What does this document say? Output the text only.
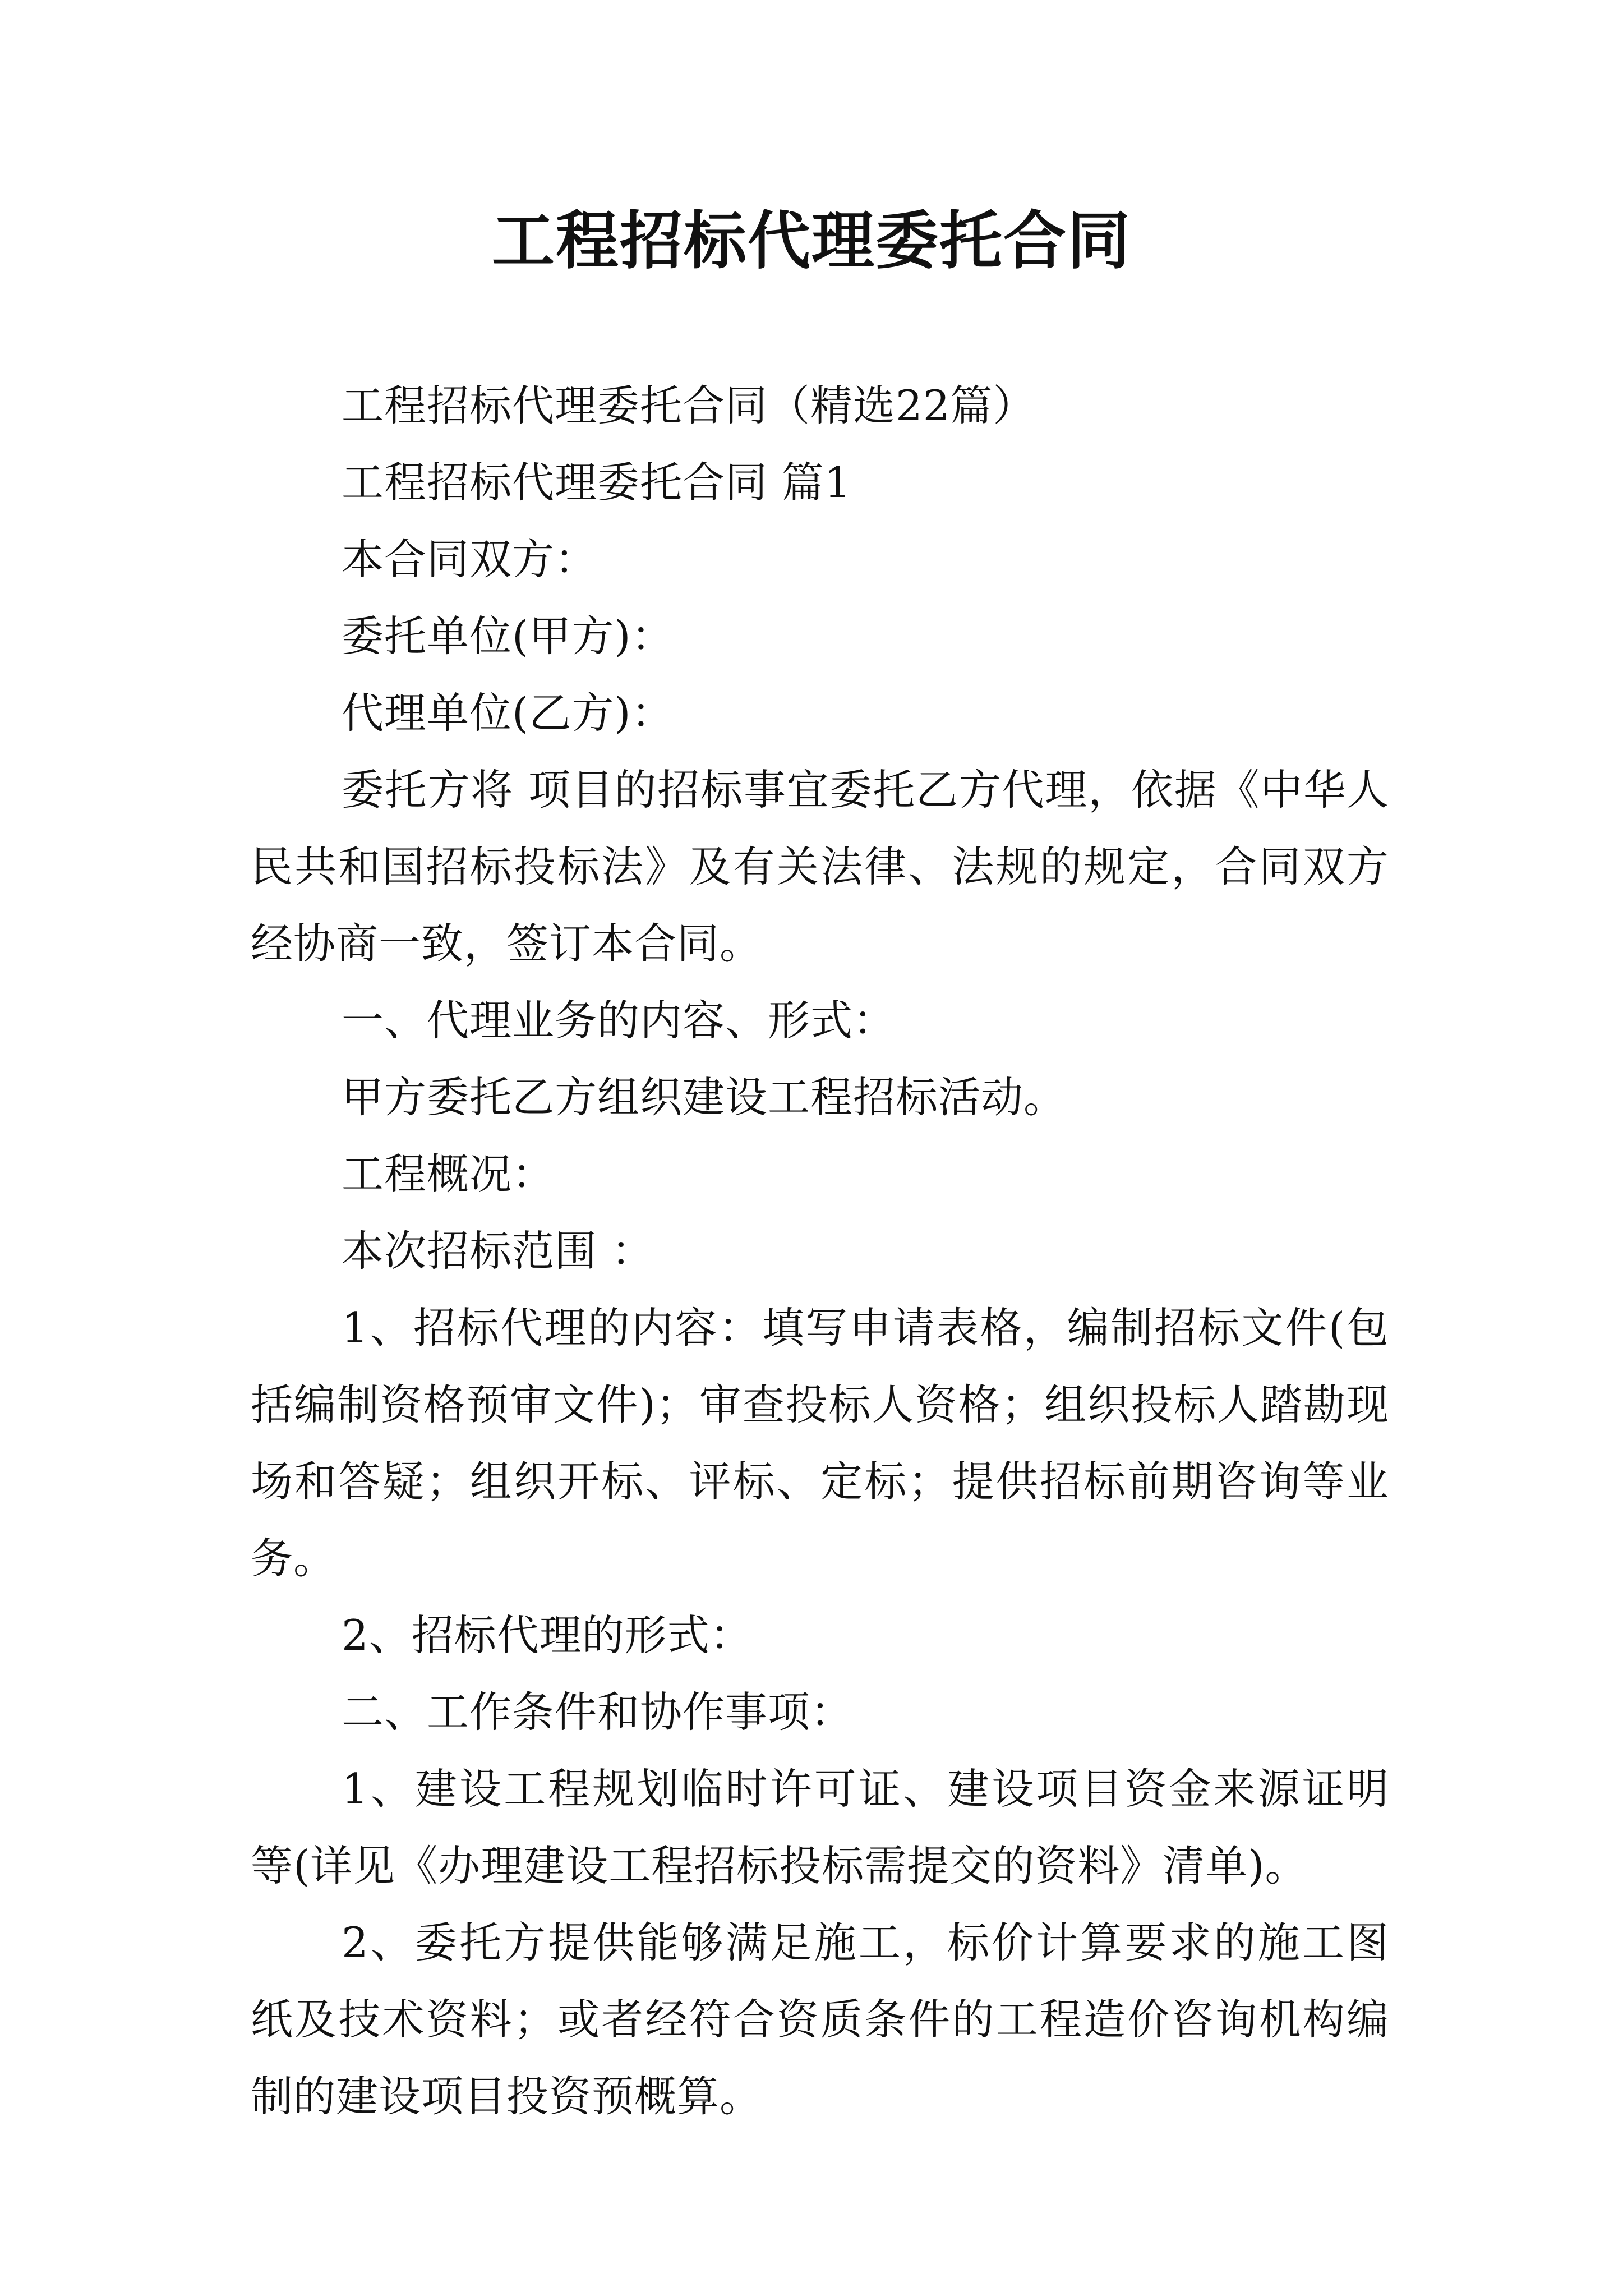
工程招标代理委托合同

工程招标代理委托合同（精选22篇）

工程招标代理委托合同 篇1

本合同双方：

委托单位(甲方)：

代理单位(乙方)：

委托方将 项目的招标事宜委托乙方代理，依据《中华人民共和国招标投标法》及有关法律、法规的规定，合同双方经协商一致，签订本合同。

一、代理业务的内容、形式：

甲方委托乙方组织建设工程招标活动。

工程概况：

本次招标范围 ：

1、招标代理的内容：填写申请表格，编制招标文件(包括编制资格预审文件)；审查投标人资格；组织投标人踏勘现场和答疑；组织开标、评标、定标；提供招标前期咨询等业务。

2、招标代理的形式：

二、工作条件和协作事项：

1、建设工程规划临时许可证、建设项目资金来源证明等(详见《办理建设工程招标投标需提交的资料》清单)。

2、委托方提供能够满足施工，标价计算要求的施工图纸及技术资料；或者经符合资质条件的工程造价咨询机构编制的建设项目投资预概算。
